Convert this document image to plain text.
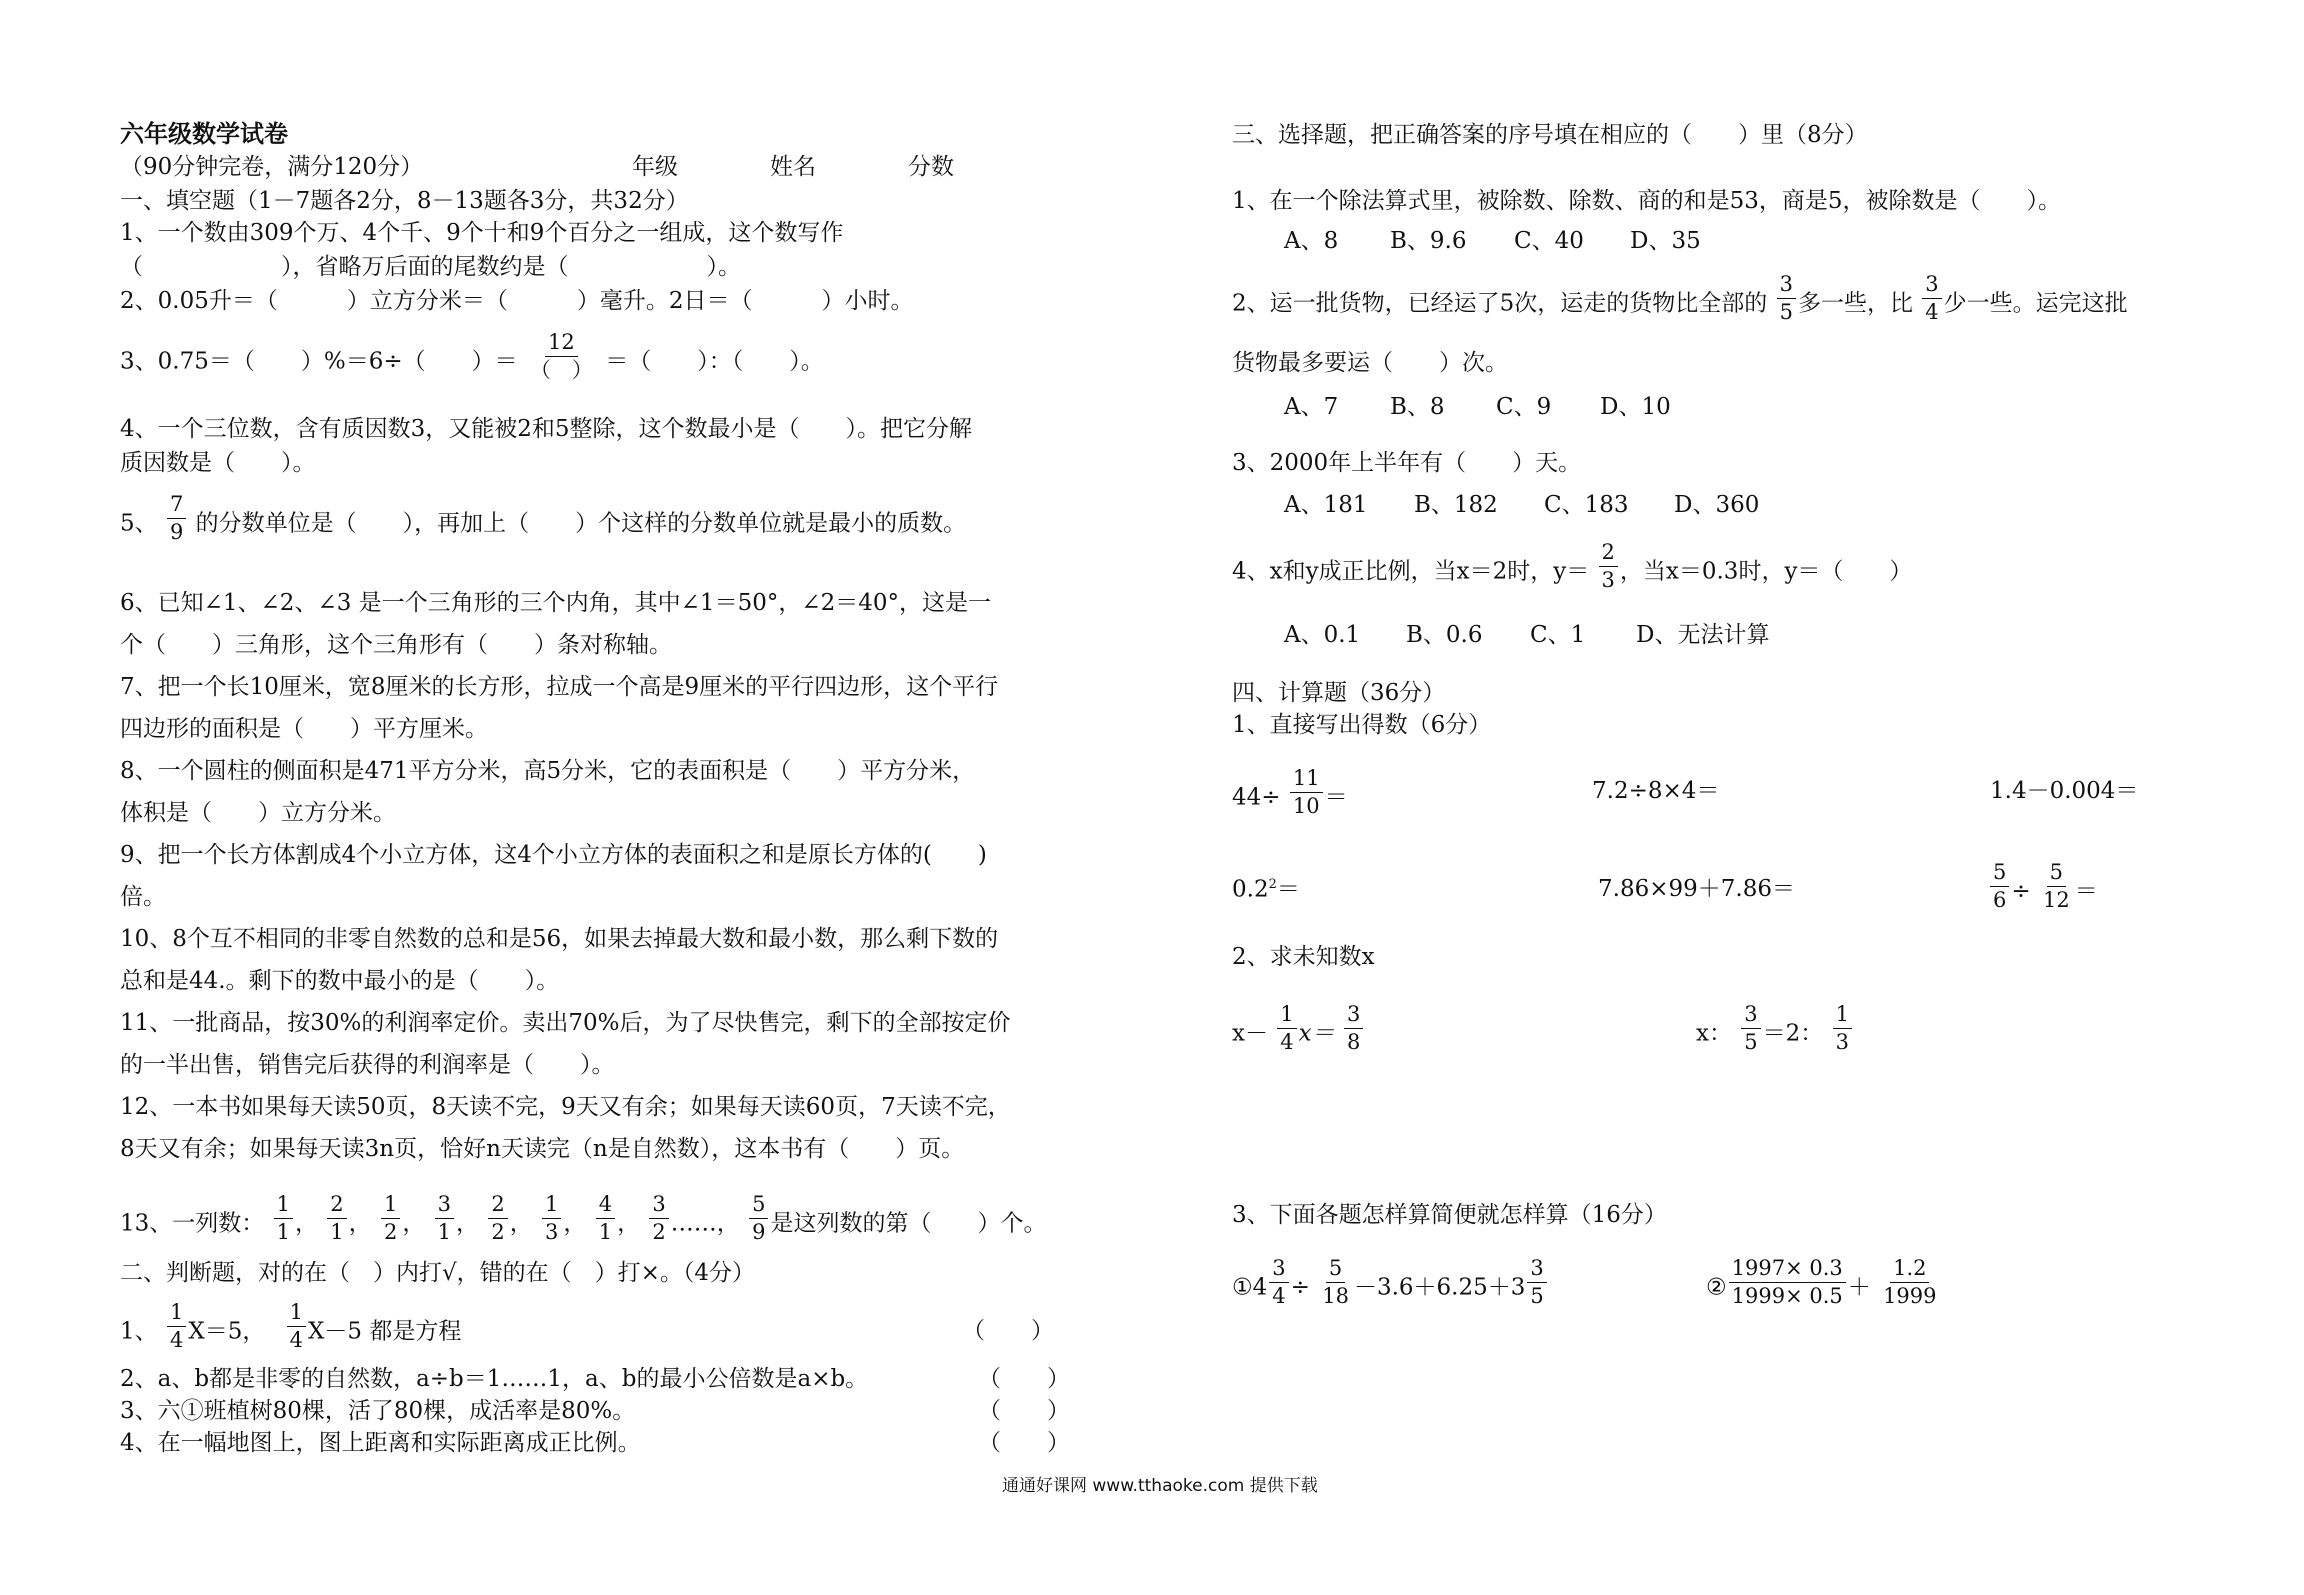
六年级数学试卷
（90分钟完卷，满分120分）	年级	姓名	分数
一、填空题（1－7题各2分，8－13题各3分，共32分）
1、一个数由309个万、4个千、9个十和9个百分之一组成，这个数写作
（　　　　　　），省略万后面的尾数约是（　　　　　　）。
2、0.05升＝（　　　）立方分米＝（　　　）毫升。2日＝（　　　）小时。
3、0.75＝（　　）%＝6÷（　　）＝
12
（　） ＝（　　）：（　　）。
4、一个三位数，含有质因数3，又能被2和5整除，这个数最小是（　　）。把它分解
质因数是（　　）。
5、 $\frac{7}{9}$ 的分数单位是（　　），再加上（　　）个这样的分数单位就是最小的质数。
6、已知∠1、∠2、∠3 是一个三角形的三个内角，其中∠1＝50°，∠2＝40°，这是一
个（　　）三角形，这个三角形有（　　）条对称轴。
7、把一个长10厘米，宽8厘米的长方形，拉成一个高是9厘米的平行四边形，这个平行
四边形的面积是（　　）平方厘米。
8、一个圆柱的侧面积是471平方分米，高5分米，它的表面积是（　　）平方分米，
体积是（　　）立方分米。
9、把一个长方体割成4个小立方体，这4个小立方体的表面积之和是原长方体的(　　)
倍。
10、8个互不相同的非零自然数的总和是56，如果去掉最大数和最小数，那么剩下数的
总和是44.。剩下的数中最小的是（　　）。
11、一批商品，按30%的利润率定价。卖出70%后，为了尽快售完，剩下的全部按定价
的一半出售，销售完后获得的利润率是（　　）。
12、一本书如果每天读50页，8天读不完，9天又有余；如果每天读60页，7天读不完，
8天又有余；如果每天读3n页，恰好n天读完（n是自然数），这本书有（　　）页。
13、一列数： $\frac{1}{1}$ ， $\frac{2}{1}$ ， $\frac{1}{2}$ ， $\frac{3}{1}$ ， $\frac{2}{2}$ ， $\frac{1}{3}$ ， $\frac{4}{1}$ ， $\frac{3}{2}$ ……， $\frac{5}{9}$ 是这列数的第（　　）个。
二、判断题，对的在（　）内打√，错的在（　）打×。（4分）
1、 $\frac{1}{4} X=5$， $\frac{1}{4} X-5$ 都是方程	（　　）
2、a、b都是非零的自然数，a÷b＝1……1，a、b的最小公倍数是a×b。	（　　）
3、六①班植树80棵，活了80棵，成活率是80%。	（　　）
4、在一幅地图上，图上距离和实际距离成正比例。	（　　）
三、选择题，把正确答案的序号填在相应的（　　）里（8分）
1、在一个除法算式里，被除数、除数、商的和是53，商是5，被除数是（　　）。
A、8 B、9.6 C、40 D、35
2、运一批货物，已经运了5次，运走的货物比全部的 $\frac{3}{5}$ 多一些，比 $\frac{3}{4}$ 少一些。运完这批
货物最多要运（　　）次。
A、7 B、8 C、9 D、10
3、2000年上半年有（　　）天。
A、181 B、182 C、183 D、360
4、x和y成正比例，当x＝2时，$y= \frac{2}{3}$ ，当x＝0.3时，y＝（　　）
A、0.1 B、0.6 C、1 D、无法计算
四、计算题（36分）
1、直接写出得数（6分）
$44\div \frac{11}{10}$ ＝	7.2÷8×4＝	1.4－0.004＝
$0.2^2=$	7.86×99＋7.86＝	$\frac{5}{6} \div \frac{5}{12}$ ＝
2、求未知数x
$x- \frac{1}{4} x= \frac{3}{8}$	x： $\frac{3}{5} =2$： $\frac{1}{3}$
3、下面各题怎样算简便就怎样算（16分）
①4 $\frac{3}{4} \div \frac{5}{18} -3.6+6.25+3 \frac{3}{5}$	② $\frac{1997\times 0.3}{1999\times 0.5} + \frac{1.2}{1999}$
通通好课网 www.tthaoke.com 提供下载
